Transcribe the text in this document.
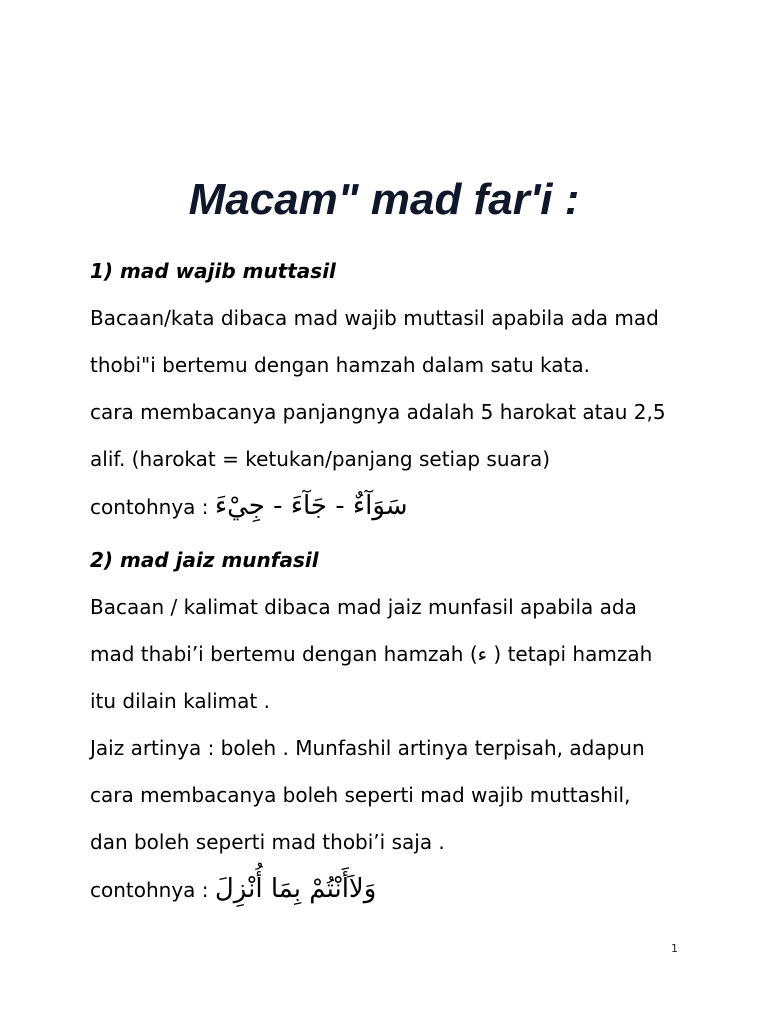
Macam" mad far'i :
1) mad wajib muttasil
Bacaan/kata dibaca mad wajib muttasil apabila ada mad
thobi"i bertemu dengan hamzah dalam satu kata.
cara membacanya panjangnya adalah 5 harokat atau 2,5
alif. (harokat = ketukan/panjang setiap suara)
contohnya : سَوَآءٌ - جَآءَ - جِيْءَ
2) mad jaiz munfasil
Bacaan / kalimat dibaca mad jaiz munfasil apabila ada
mad thabi’i bertemu dengan hamzah (ء ) tetapi hamzah
itu dilain kalimat .
Jaiz artinya : boleh . Munfashil artinya terpisah, adapun
cara membacanya boleh seperti mad wajib muttashil,
dan boleh seperti mad thobi’i saja .
contohnya : وَلاَأَنْتُمْ بِمَا أُنْزِلَ
1
